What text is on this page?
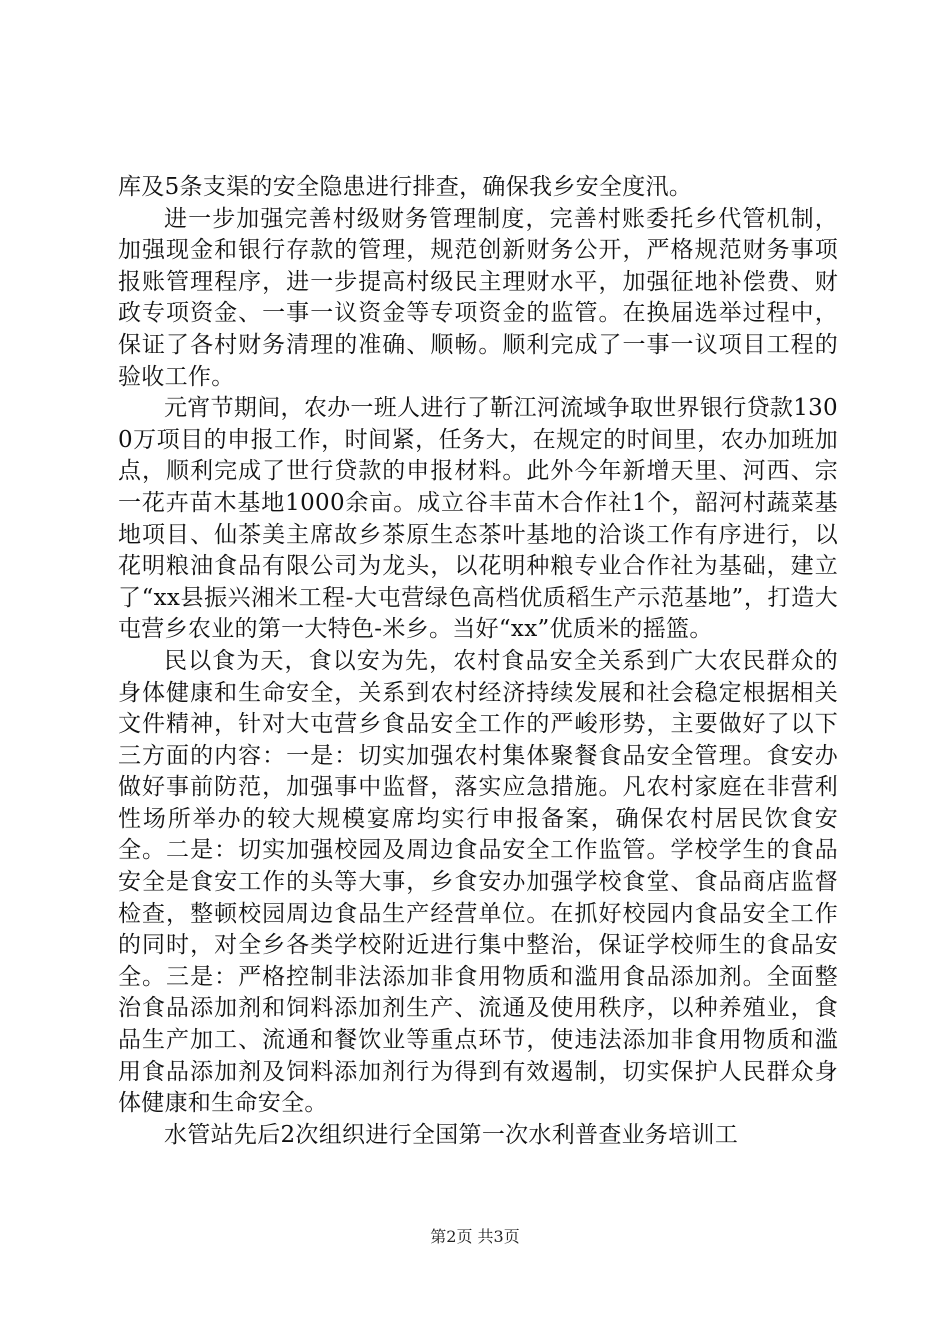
库及5条支渠的安全隐患进行排查，确保我乡安全度汛。

进一步加强完善村级财务管理制度，完善村账委托乡代管机制，加强现金和银行存款的管理，规范创新财务公开，严格规范财务事项报账管理程序，进一步提高村级民主理财水平，加强征地补偿费、财政专项资金、一事一议资金等专项资金的监管。在换届选举过程中，保证了各村财务清理的准确、顺畅。顺利完成了一事一议项目工程的验收工作。

元宵节期间，农办一班人进行了靳江河流域争取世界银行贷款1300万项目的申报工作，时间紧，任务大，在规定的时间里，农办加班加点，顺利完成了世行贷款的申报材料。此外今年新增天里、河西、宗一花卉苗木基地1000余亩。成立谷丰苗木合作社1个，韶河村蔬菜基地项目、仙茶美主席故乡茶原生态茶叶基地的洽谈工作有序进行，以花明粮油食品有限公司为龙头，以花明种粮专业合作社为基础，建立了“xx县振兴湘米工程-大屯营绿色高档优质稻生产示范基地”，打造大屯营乡农业的第一大特色-米乡。当好“xx”优质米的摇篮。

民以食为天，食以安为先，农村食品安全关系到广大农民群众的身体健康和生命安全，关系到农村经济持续发展和社会稳定根据相关文件精神，针对大屯营乡食品安全工作的严峻形势，主要做好了以下三方面的内容：一是：切实加强农村集体聚餐食品安全管理。食安办做好事前防范，加强事中监督，落实应急措施。凡农村家庭在非营利性场所举办的较大规模宴席均实行申报备案，确保农村居民饮食安全。二是：切实加强校园及周边食品安全工作监管。学校学生的食品安全是食安工作的头等大事，乡食安办加强学校食堂、食品商店监督检查，整顿校园周边食品生产经营单位。在抓好校园内食品安全工作的同时，对全乡各类学校附近进行集中整治，保证学校师生的食品安全。三是：严格控制非法添加非食用物质和滥用食品添加剂。全面整治食品添加剂和饲料添加剂生产、流通及使用秩序，以种养殖业，食品生产加工、流通和餐饮业等重点环节，使违法添加非食用物质和滥用食品添加剂及饲料添加剂行为得到有效遏制，切实保护人民群众身体健康和生命安全。

水管站先后2次组织进行全国第一次水利普查业务培训工

第2页 共3页
